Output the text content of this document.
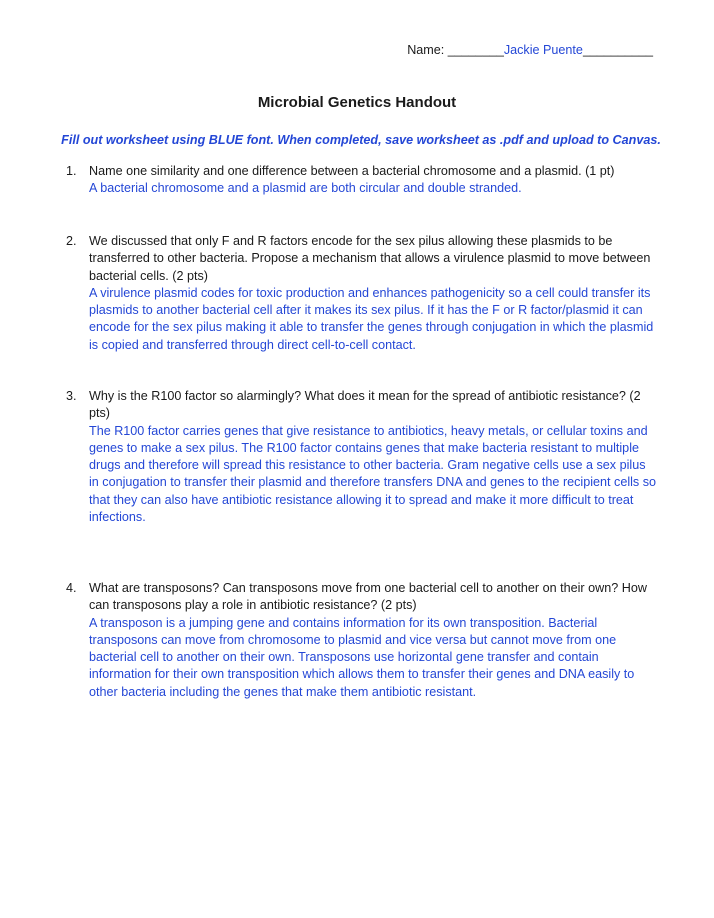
Name: ________Jackie Puente__________
Microbial Genetics Handout
Fill out worksheet using BLUE font. When completed, save worksheet as .pdf and upload to Canvas.
1. Name one similarity and one difference between a bacterial chromosome and a plasmid. (1 pt)

A bacterial chromosome and a plasmid are both circular and double stranded.

2. We discussed that only F and R factors encode for the sex pilus allowing these plasmids to be transferred to other bacteria. Propose a mechanism that allows a virulence plasmid to move between bacterial cells. (2 pts)

A virulence plasmid codes for toxic production and enhances pathogenicity so a cell could transfer its plasmids to another bacterial cell after it makes its sex pilus. If it has the F or R factor/plasmid it can encode for the sex pilus making it able to transfer the genes through conjugation in which the plasmid is copied and transferred through direct cell-to-cell contact.

3. Why is the R100 factor so alarmingly? What does it mean for the spread of antibiotic resistance? (2 pts)

The R100 factor carries genes that give resistance to antibiotics, heavy metals, or cellular toxins and genes to make a sex pilus. The R100 factor contains genes that make bacteria resistant to multiple drugs and therefore will spread this resistance to other bacteria. Gram negative cells use a sex pilus in conjugation to transfer their plasmid and therefore transfers DNA and genes to the recipient cells so that they can also have antibiotic resistance allowing it to spread and make it more difficult to treat infections.

4. What are transposons? Can transposons move from one bacterial cell to another on their own? How can transposons play a role in antibiotic resistance? (2 pts)

A transposon is a jumping gene and contains information for its own transposition. Bacterial transposons can move from chromosome to plasmid and vice versa but cannot move from one bacterial cell to another on their own. Transposons use horizontal gene transfer and contain information for their own transposition which allows them to transfer their genes and DNA easily to other bacteria including the genes that make them antibiotic resistant.
